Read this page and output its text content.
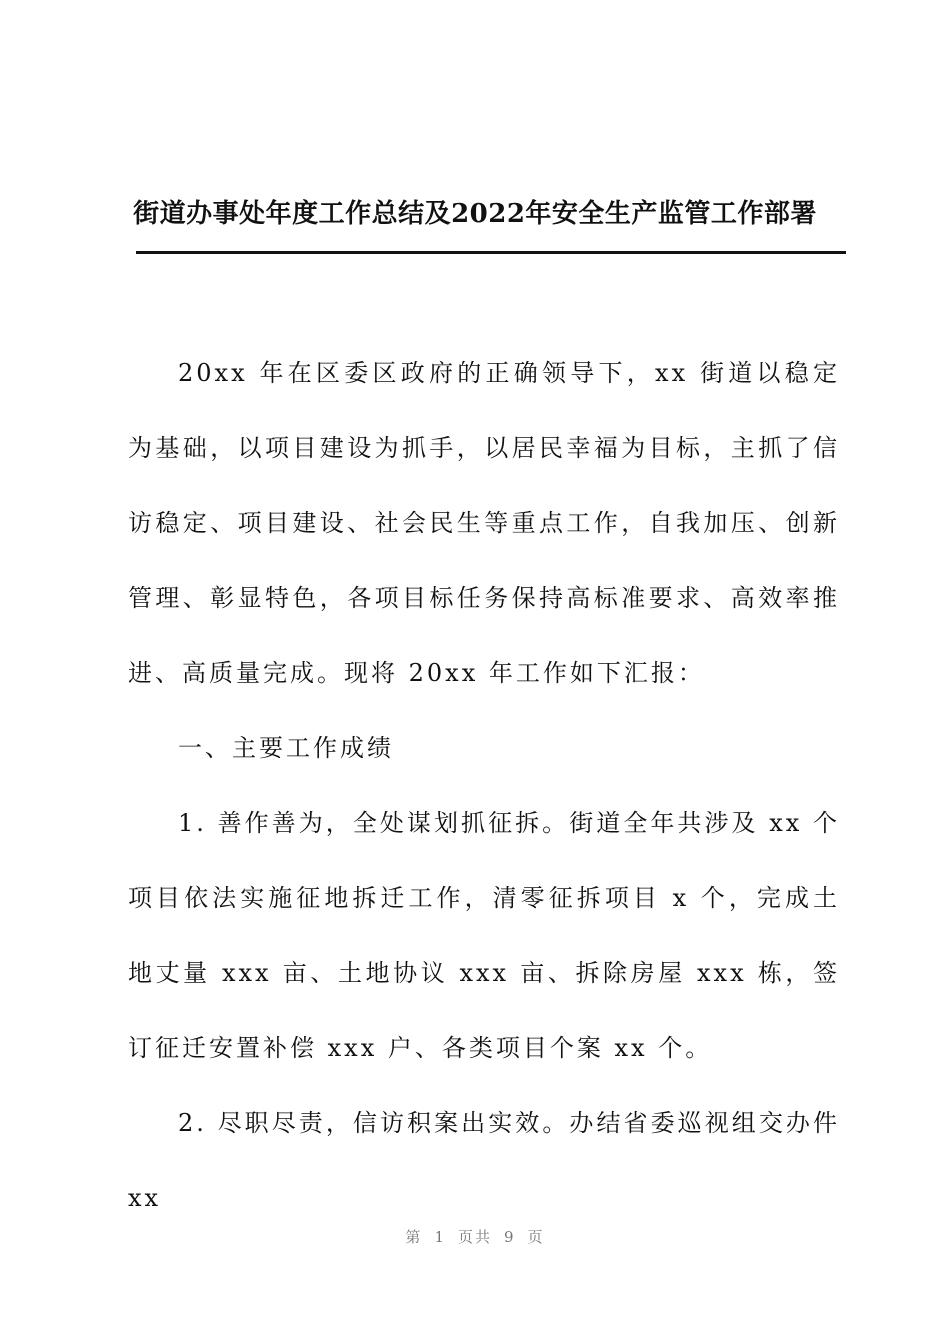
街道办事处年度工作总结及2022年安全生产监管工作部署

20xx 年在区委区政府的正确领导下，xx 街道以稳定为基础，以项目建设为抓手，以居民幸福为目标，主抓了信访稳定、项目建设、社会民生等重点工作，自我加压、创新管理、彰显特色，各项目标任务保持高标准要求、高效率推进、高质量完成。现将 20xx 年工作如下汇报：

一、主要工作成绩

1. 善作善为，全处谋划抓征拆。街道全年共涉及 xx 个项目依法实施征地拆迁工作，清零征拆项目 x 个，完成土地丈量 xxx 亩、土地协议 xxx 亩、拆除房屋 xxx 栋，签订征迁安置补偿 xxx 户、各类项目个案 xx 个。

2. 尽职尽责，信访积案出实效。办结省委巡视组交办件 xx

第 1 页共 9 页
